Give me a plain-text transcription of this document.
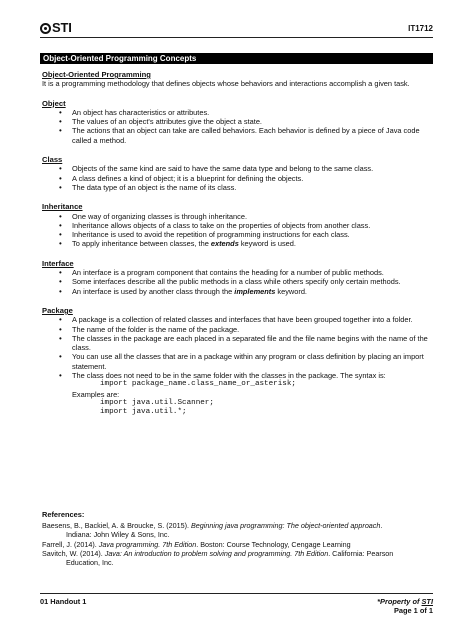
STI	IT1712
Object-Oriented Programming Concepts
Object-Oriented Programming

It is a programming methodology that defines objects whose behaviors and interactions accomplish a given task.

Object
• An object has characteristics or attributes.
• The values of an object's attributes give the object a state.
• The actions that an object can take are called behaviors. Each behavior is defined by a piece of Java code called a method.
Class
• Objects of the same kind are said to have the same data type and belong to the same class.
• A class defines a kind of object; it is a blueprint for defining the objects.
• The data type of an object is the name of its class.
Inheritance
• One way of organizing classes is through inheritance.
• Inheritance allows objects of a class to take on the properties of objects from another class.
• Inheritance is used to avoid the repetition of programming instructions for each class.
• To apply inheritance between classes, the extends keyword is used.
Interface
• An interface is a program component that contains the heading for a number of public methods.
• Some interfaces describe all the public methods in a class while others specify only certain methods.
• An interface is used by another class through the implements keyword.
Package
• A package is a collection of related classes and interfaces that have been grouped together into a folder.
• The name of the folder is the name of the package.
• The classes in the package are each placed in a separated file and the file name begins with the name of the class.
• You can use all the classes that are in a package within any program or class definition by placing an import statement.
• The class does not need to be in the same folder with the classes in the package. The syntax is:
import package_name.class_name_or_asterisk;
Examples are:
import java.util.Scanner;
import java.util.*;
References:
Baesens, B., Backiel, A. & Broucke, S. (2015). Beginning java programming: The object-oriented approach.
Indiana: John Wiley & Sons, Inc.
Farrell, J. (2014). Java programming. 7th Edition. Boston: Course Technology, Cengage Learning
Savitch, W. (2014). Java: An introduction to problem solving and programming. 7th Edition. California: Pearson
Education, Inc.
01 Handout 1	*Property of STI
Page 1 of 1
